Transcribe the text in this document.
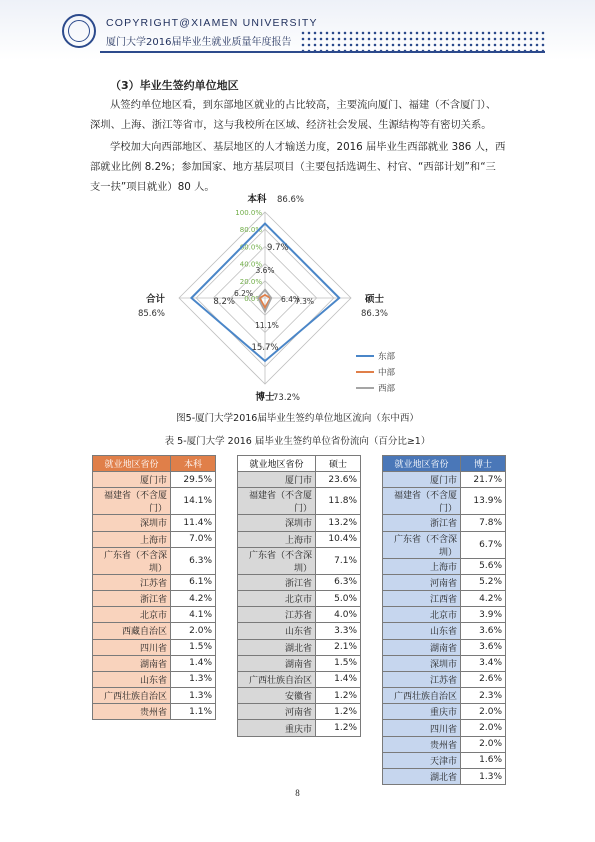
COPYRIGHT@XIAMEN UNIVERSITY
厦门大学2016届毕业生就业质量年度报告
（3）毕业生签约单位地区
从签约单位地区看，到东部地区就业的占比较高，主要流向厦门、福建（不含厦门）、
深圳、上海、浙江等省市，这与我校所在区域、经济社会发展、生源结构等有密切关系。
学校加大向西部地区、基层地区的人才输送力度，2016 届毕业生西部就业 386 人，西
部就业比例 8.2%；参加国家、地方基层项目（主要包括选调生、村官、“西部计划”和“三
支一扶”项目就业）80 人。
0.0%
20.0%
40.0%
60.0%
80.0%
100.0%
本科
硕士
博士
合计
86.6%
86.3%
73.2%
85.6%
3.6%
6.4%
11.1%
6.2%
9.7%
7.3%
15.7%
8.2%
东部
中部
西部
图5-厦门大学2016届毕业生签约单位地区流向（东中西）
表 5-厦门大学 2016 届毕业生签约单位省份流向（百分比≥1）
就业地区省份	本科
厦门市	29.5%
福建省（不含厦门）	14.1%
深圳市	11.4%
上海市	7.0%
广东省（不含深圳）	6.3%
江苏省	6.1%
浙江省	4.2%
北京市	4.1%
西藏自治区	2.0%
四川省	1.5%
湖南省	1.4%
山东省	1.3%
广西壮族自治区	1.3%
贵州省	1.1%
就业地区省份	硕士
厦门市	23.6%
福建省（不含厦门）	11.8%
深圳市	13.2%
上海市	10.4%
广东省（不含深圳）	7.1%
浙江省	6.3%
北京市	5.0%
江苏省	4.0%
山东省	3.3%
湖北省	2.1%
湖南省	1.5%
广西壮族自治区	1.4%
安徽省	1.2%
河南省	1.2%
重庆市	1.2%
就业地区省份	博士
厦门市	21.7%
福建省（不含厦门）	13.9%
浙江省	7.8%
广东省（不含深圳）	6.7%
上海市	5.6%
河南省	5.2%
江西省	4.2%
北京市	3.9%
山东省	3.6%
湖南省	3.6%
深圳市	3.4%
江苏省	2.6%
广西壮族自治区	2.3%
重庆市	2.0%
四川省	2.0%
贵州省	2.0%
天津市	1.6%
湖北省	1.3%
8
